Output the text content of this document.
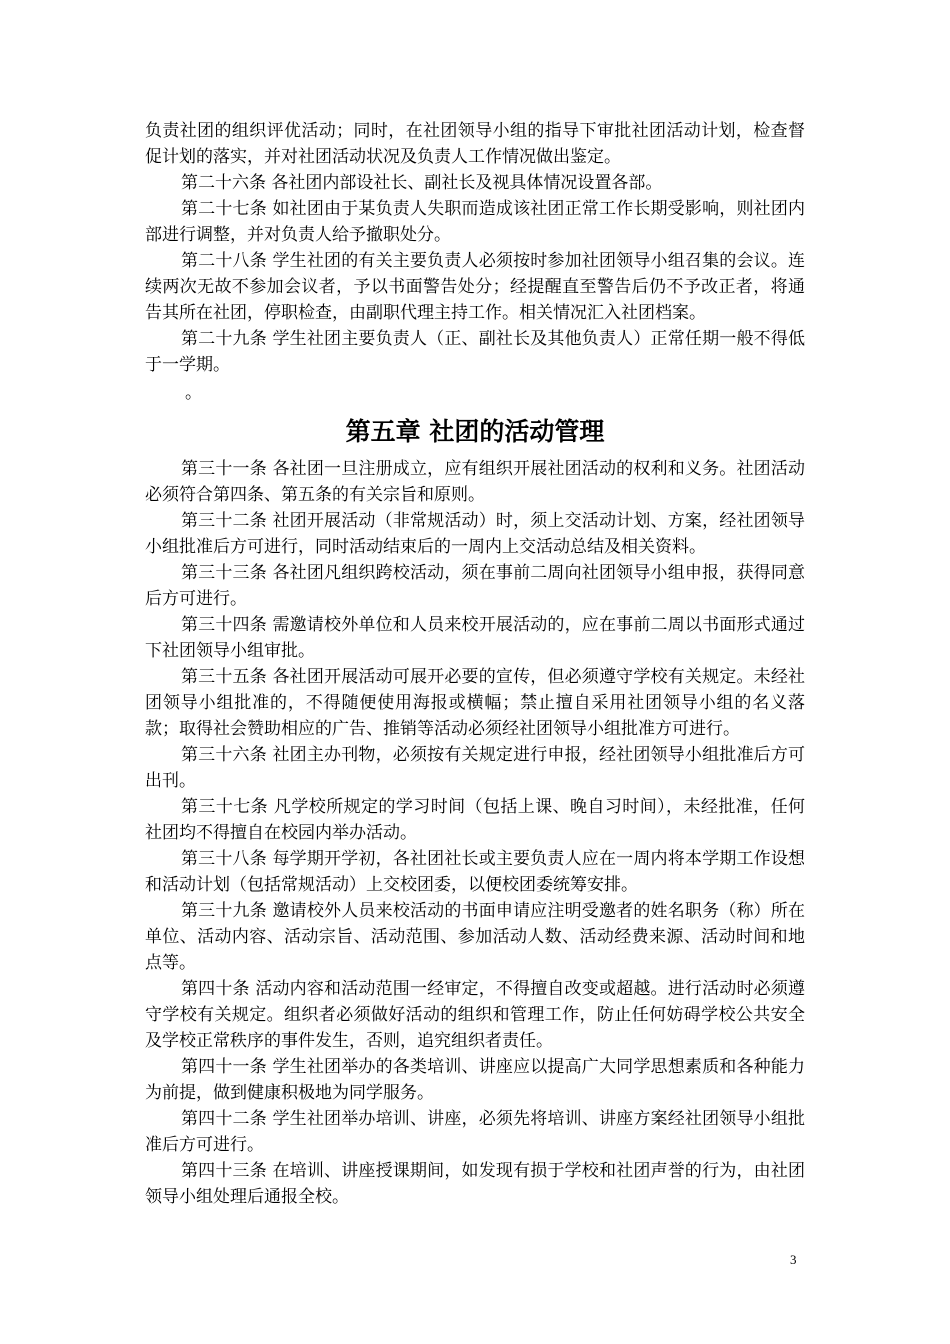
负责社团的组织评优活动；同时，在社团领导小组的指导下审批社团活动计划，检查督促计划的落实，并对社团活动状况及负责人工作情况做出鉴定。

第二十六条 各社团内部设社长、副社长及视具体情况设置各部。

第二十七条 如社团由于某负责人失职而造成该社团正常工作长期受影响，则社团内部进行调整，并对负责人给予撤职处分。

第二十八条 学生社团的有关主要负责人必须按时参加社团领导小组召集的会议。连续两次无故不参加会议者，予以书面警告处分；经提醒直至警告后仍不予改正者，将通告其所在社团，停职检查，由副职代理主持工作。相关情况汇入社团档案。

第二十九条 学生社团主要负责人（正、副社长及其他负责人）正常任期一般不得低于一学期。

。

第五章 社团的活动管理

第三十一条 各社团一旦注册成立，应有组织开展社团活动的权利和义务。社团活动必须符合第四条、第五条的有关宗旨和原则。

第三十二条 社团开展活动（非常规活动）时，须上交活动计划、方案，经社团领导小组批准后方可进行，同时活动结束后的一周内上交活动总结及相关资料。

第三十三条 各社团凡组织跨校活动，须在事前二周向社团领导小组申报，获得同意后方可进行。

第三十四条 需邀请校外单位和人员来校开展活动的，应在事前二周以书面形式通过下社团领导小组审批。

第三十五条 各社团开展活动可展开必要的宣传，但必须遵守学校有关规定。未经社团领导小组批准的，不得随便使用海报或横幅；禁止擅自采用社团领导小组的名义落款；取得社会赞助相应的广告、推销等活动必须经社团领导小组批准方可进行。

第三十六条 社团主办刊物，必须按有关规定进行申报，经社团领导小组批准后方可出刊。

第三十七条 凡学校所规定的学习时间（包括上课、晚自习时间），未经批准，任何社团均不得擅自在校园内举办活动。

第三十八条 每学期开学初，各社团社长或主要负责人应在一周内将本学期工作设想和活动计划（包括常规活动）上交校团委，以便校团委统筹安排。

第三十九条 邀请校外人员来校活动的书面申请应注明受邀者的姓名职务（称）所在单位、活动内容、活动宗旨、活动范围、参加活动人数、活动经费来源、活动时间和地点等。

第四十条 活动内容和活动范围一经审定，不得擅自改变或超越。进行活动时必须遵守学校有关规定。组织者必须做好活动的组织和管理工作，防止任何妨碍学校公共安全及学校正常秩序的事件发生，否则，追究组织者责任。

第四十一条 学生社团举办的各类培训、讲座应以提高广大同学思想素质和各种能力为前提，做到健康积极地为同学服务。

第四十二条 学生社团举办培训、讲座，必须先将培训、讲座方案经社团领导小组批准后方可进行。

第四十三条 在培训、讲座授课期间，如发现有损于学校和社团声誉的行为，由社团领导小组处理后通报全校。

3
